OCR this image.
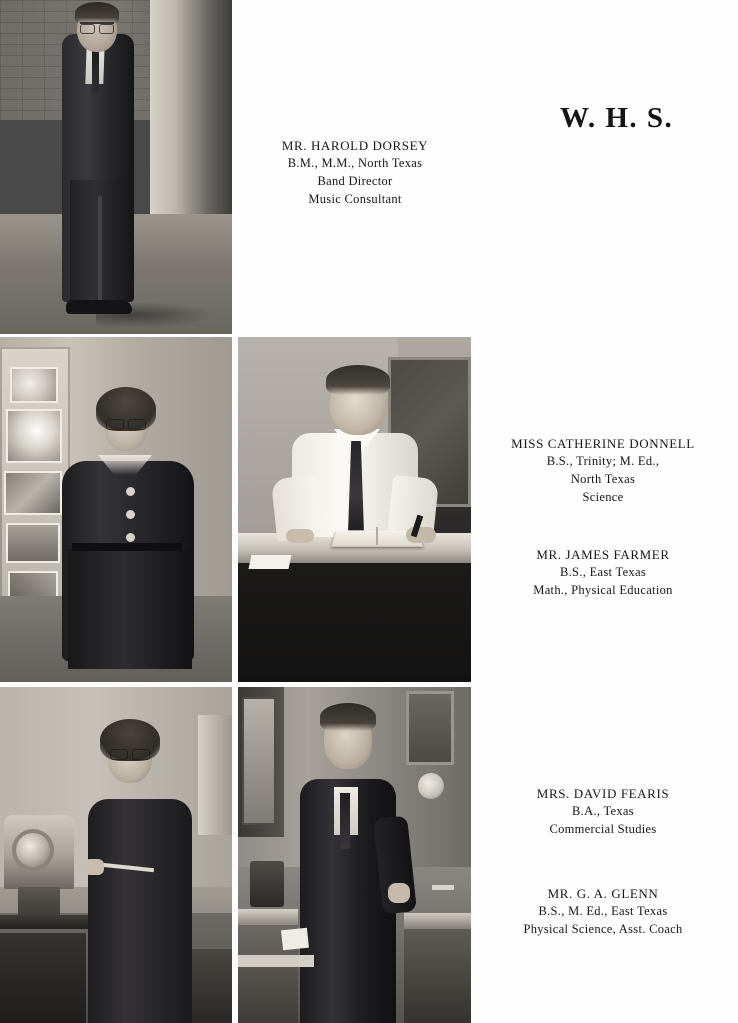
W. H. S.
MR. HAROLD DORSEY
B.M., M.M., North Texas
Band Director
Music Consultant
MISS CATHERINE DONNELL
B.S., Trinity; M. Ed.,
North Texas
Science
MR. JAMES FARMER
B.S., East Texas
Math., Physical Education
MRS. DAVID FEARIS
B.A., Texas
Commercial Studies
MR. G. A. GLENN
B.S., M. Ed., East Texas
Physical Science, Asst. Coach
